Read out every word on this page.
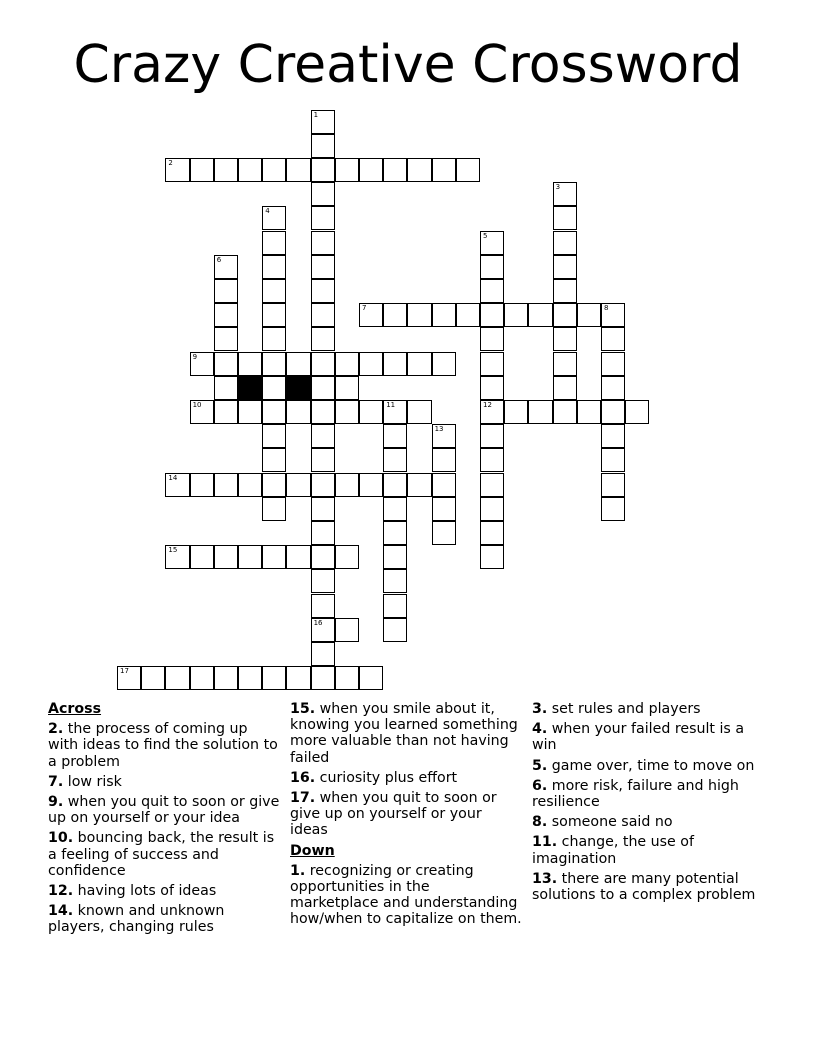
Crazy Creative Crossword
1
16
2
3
4
5
12
6
7	8
9
10	11
13
14
15
17
Across
2. the process of coming up with ideas to find the solution to a problem
7. low risk
9. when you quit to soon or give up on yourself or your idea
10. bouncing back, the result is a feeling of success and confidence
12. having lots of ideas
14. known and unknown players, changing rules
15. when you smile about it, knowing you learned something more valuable than not having failed
16. curiosity plus effort
17. when you quit to soon or give up on yourself or your ideas
Down
1. recognizing or creating opportunities in the marketplace and understanding how/when to capitalize on them.
3. set rules and players
4. when your failed result is a win
5. game over, time to move on
6. more risk, failure and high resilience
8. someone said no
11. change, the use of imagination
13. there are many potential solutions to a complex problem
